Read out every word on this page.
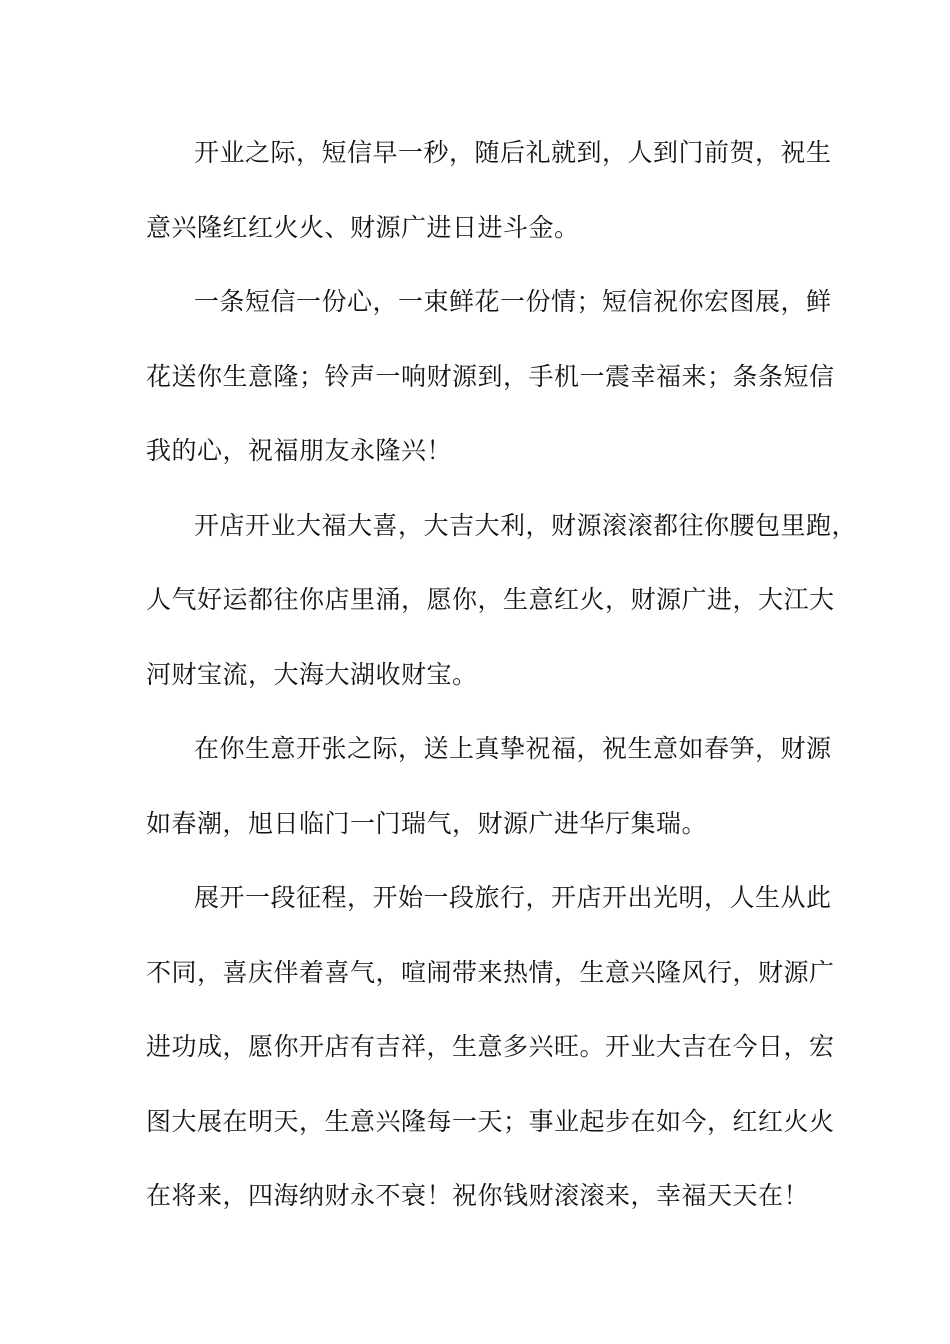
开业之际，短信早一秒，随后礼就到，人到门前贺，祝生
意兴隆红红火火、财源广进日进斗金。
一条短信一份心，一束鲜花一份情；短信祝你宏图展，鲜
花送你生意隆；铃声一响财源到，手机一震幸福来；条条短信
我的心，祝福朋友永隆兴！
开店开业大福大喜，大吉大利，财源滚滚都往你腰包里跑，
人气好运都往你店里涌，愿你，生意红火，财源广进，大江大
河财宝流，大海大湖收财宝。
在你生意开张之际，送上真挚祝福，祝生意如春笋，财源
如春潮，旭日临门一门瑞气，财源广进华厅集瑞。
展开一段征程，开始一段旅行，开店开出光明，人生从此
不同，喜庆伴着喜气，喧闹带来热情，生意兴隆风行，财源广
进功成，愿你开店有吉祥，生意多兴旺。开业大吉在今日，宏
图大展在明天，生意兴隆每一天；事业起步在如今，红红火火
在将来，四海纳财永不衰！祝你钱财滚滚来，幸福天天在！
